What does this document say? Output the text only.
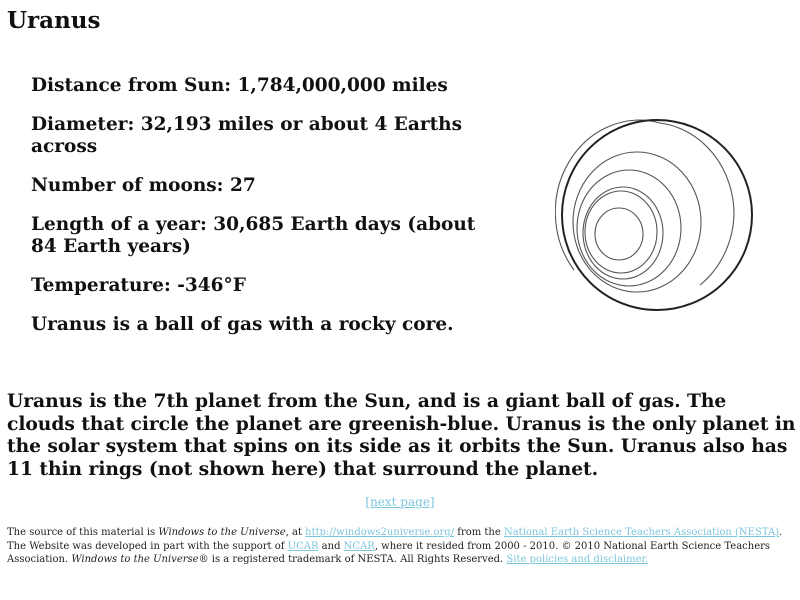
Uranus
Distance from Sun: 1,784,000,000 miles
Diameter: 32,193 miles or about 4 Earths across
Number of moons: 27
Length of a year: 30,685 Earth days (about 84 Earth years)
Temperature: -346°F
Uranus is a ball of gas with a rocky core.

Uranus is the 7th planet from the Sun, and is a giant ball of gas. The clouds that circle the planet are greenish-blue. Uranus is the only planet in the solar system that spins on its side as it orbits the Sun. Uranus also has 11 thin rings (not shown here) that surround the planet.

[next page]

The source of this material is Windows to the Universe, at http://windows2universe.org/ from the National Earth Science Teachers Association (NESTA).
The Website was developed in part with the support of UCAR and NCAR, where it resided from 2000 - 2010. © 2010 National Earth Science Teachers Association. Windows to the Universe® is a registered trademark of NESTA. All Rights Reserved. Site policies and disclaimer.
